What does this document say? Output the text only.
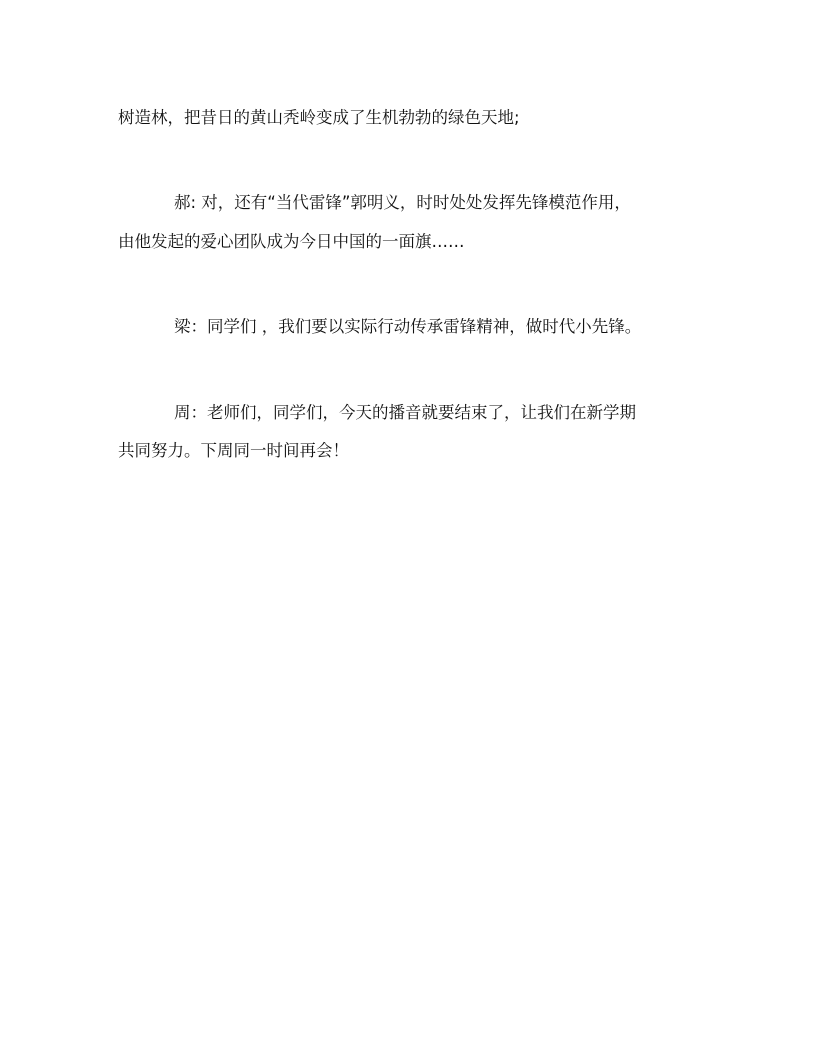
树造林，把昔日的黄山秃岭变成了生机勃勃的绿色天地;
郝: 对，还有“当代雷锋”郭明义，时时处处发挥先锋模范作用，
由他发起的爱心团队成为今日中国的一面旗……
梁：同学们 ，我们要以实际行动传承雷锋精神，做时代小先锋。
周：老师们，同学们，今天的播音就要结束了，让我们在新学期
共同努力。下周同一时间再会！
